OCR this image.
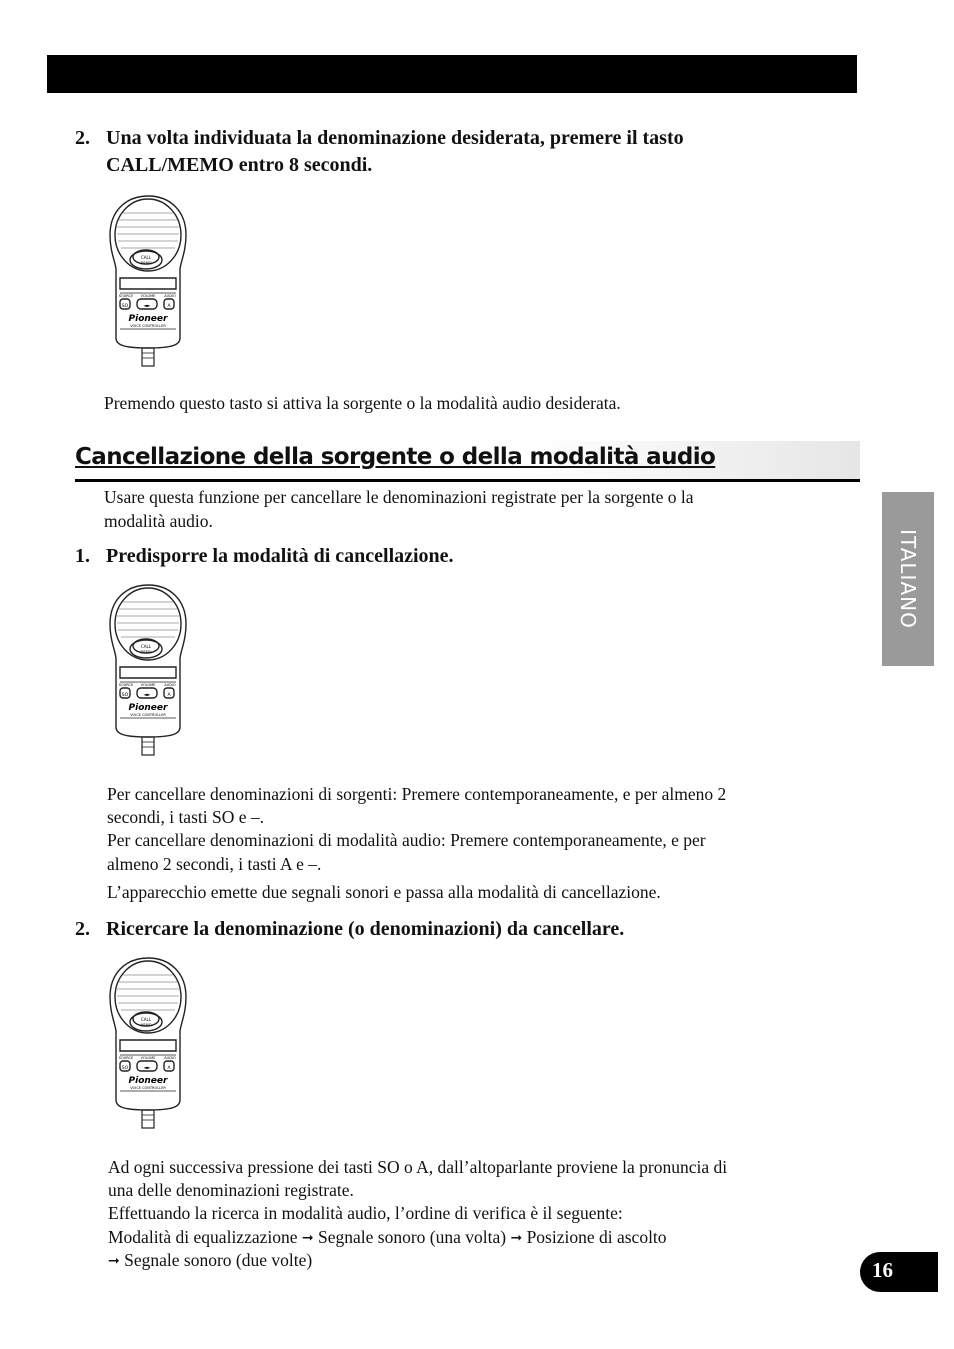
2. Una volta individuata la denominazione desiderata, premere il tasto
CALL/MEMO entro 8 secondi.
CALL
MEMO
SOURCE VOLUME	AUDIO
SO	◄►	A
Pioneer
VOICE CONTROLLER
Premendo questo tasto si attiva la sorgente o la modalità audio desiderata.
Cancellazione della sorgente o della modalità audio
Usare questa funzione per cancellare le denominazioni registrate per la sorgente o la
modalità audio.
1. Predisporre la modalità di cancellazione.
CALL
MEMO
SOURCE VOLUME	AUDIO
SO	◄►	A
Pioneer
VOICE CONTROLLER
Per cancellare denominazioni di sorgenti: Premere contemporaneamente, e per almeno 2
secondi, i tasti SO e –.
Per cancellare denominazioni di modalità audio: Premere contemporaneamente, e per
almeno 2 secondi, i tasti A e –.
L’apparecchio emette due segnali sonori e passa alla modalità di cancellazione.
2. Ricercare la denominazione (o denominazioni) da cancellare.
CALL
MEMO
SOURCE VOLUME	AUDIO
SO	◄►	A
Pioneer
VOICE CONTROLLER
Ad ogni successiva pressione dei tasti SO o A, dall’altoparlante proviene la pronuncia di
una delle denominazioni registrate.
Effettuando la ricerca in modalità audio, l’ordine di verifica è il seguente:
Modalità di equalizzazione ➞ Segnale sonoro (una volta) ➞ Posizione di ascolto
➞ Segnale sonoro (due volte)
ITALIANO
16
